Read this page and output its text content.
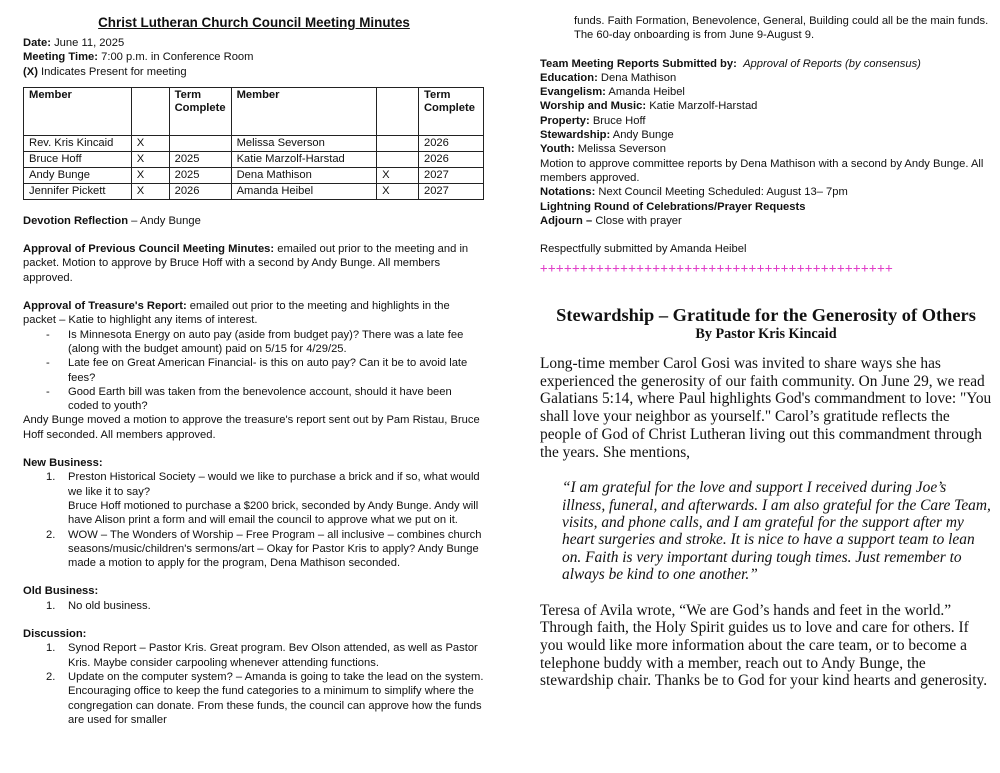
Christ Lutheran Church Council Meeting Minutes
Date: June 11, 2025
Meeting Time: 7:00 p.m. in Conference Room
(X) Indicates Present for meeting
Member		Term Complete	Member		Term Complete
Rev. Kris Kincaid	X		Melissa Severson		2026
Bruce Hoff	X	2025	Katie Marzolf-Harstad		2026
Andy Bunge	X	2025	Dena Mathison	X	2027
Jennifer Pickett	X	2026	Amanda Heibel	X	2027
Devotion Reflection – Andy Bunge
Approval of Previous Council Meeting Minutes: emailed out prior to the meeting and in packet. Motion to approve by Bruce Hoff with a second by Andy Bunge. All members approved.
Approval of Treasure's Report: emailed out prior to the meeting and highlights in the packet – Katie to highlight any items of interest.
- Is Minnesota Energy on auto pay (aside from budget pay)? There was a late fee (along with the budget amount) paid on 5/15 for 4/29/25.
- Late fee on Great American Financial- is this on auto pay? Can it be to avoid late fees?
- Good Earth bill was taken from the benevolence account, should it have been coded to youth?
Andy Bunge moved a motion to approve the treasure's report sent out by Pam Ristau, Bruce Hoff seconded. All members approved.
New Business:
1. Preston Historical Society – would we like to purchase a brick and if so, what would we like it to say?
Bruce Hoff motioned to purchase a $200 brick, seconded by Andy Bunge. Andy will have Alison print a form and will email the council to approve what we put on it.
2. WOW – The Wonders of Worship – Free Program – all inclusive – combines church seasons/music/children's sermons/art – Okay for Pastor Kris to apply? Andy Bunge made a motion to apply for the program, Dena Mathison seconded.
Old Business:
1. No old business.
Discussion:
1. Synod Report – Pastor Kris. Great program. Bev Olson attended, as well as Pastor Kris. Maybe consider carpooling whenever attending functions.
2. Update on the computer system? – Amanda is going to take the lead on the system. Encouraging office to keep the fund categories to a minimum to simplify where the congregation can donate. From these funds, the council can approve how the funds are used for smaller
funds. Faith Formation, Benevolence, General, Building could all be the main funds. The 60-day onboarding is from June 9-August 9.
Team Meeting Reports Submitted by: Approval of Reports (by consensus)
Education: Dena Mathison
Evangelism: Amanda Heibel
Worship and Music: Katie Marzolf-Harstad
Property: Bruce Hoff
Stewardship: Andy Bunge
Youth: Melissa Severson
Motion to approve committee reports by Dena Mathison with a second by Andy Bunge. All members approved.
Notations: Next Council Meeting Scheduled: August 13– 7pm
Lightning Round of Celebrations/Prayer Requests
Adjourn – Close with prayer
Respectfully submitted by Amanda Heibel
++++++++++++++++++++++++++++++++++++++++++++
Stewardship – Gratitude for the Generosity of Others
By Pastor Kris Kincaid
Long-time member Carol Gosi was invited to share ways she has experienced the generosity of our faith community. On June 29, we read Galatians 5:14, where Paul highlights God's commandment to love: "You shall love your neighbor as yourself." Carol’s gratitude reflects the people of God of Christ Lutheran living out this commandment through the years. She mentions,
“I am grateful for the love and support I received during Joe’s illness, funeral, and afterwards. I am also grateful for the Care Team, visits, and phone calls, and I am grateful for the support after my heart surgeries and stroke. It is nice to have a support team to lean on. Faith is very important during tough times. Just remember to always be kind to one another.”
Teresa of Avila wrote, “We are God’s hands and feet in the world.” Through faith, the Holy Spirit guides us to love and care for others. If you would like more information about the care team, or to become a telephone buddy with a member, reach out to Andy Bunge, the stewardship chair. Thanks be to God for your kind hearts and generosity.
